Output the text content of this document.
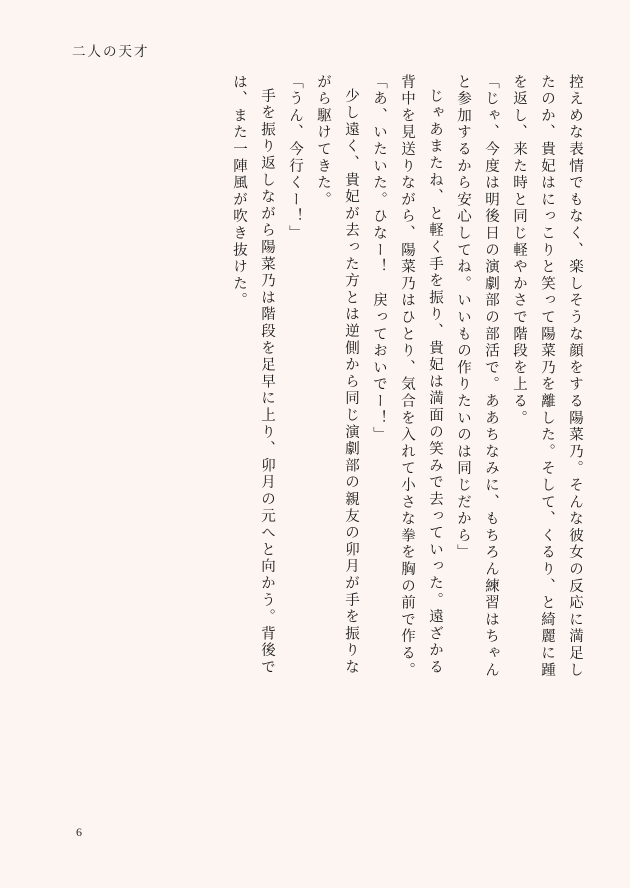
二人の天才
控えめな表情でもなく、楽しそうな顔をする陽菜乃。そんな彼女の反応に満足し
たのか、貴妃はにっこりと笑って陽菜乃を離した。そして、くるり、と綺麗に踵
を返し、来た時と同じ軽やかさで階段を上る。
「じゃ、今度は明後日の演劇部の部活で。ああちなみに、もちろん練習はちゃん
と参加するから安心してね。いいもの作りたいのは同じだから」
じゃあまたね、と軽く手を振り、貴妃は満面の笑みで去っていった。遠ざかる
背中を見送りながら、陽菜乃はひとり、気合を入れて小さな拳を胸の前で作る。
「あ、いたいた。ひなー！　戻っておいでー！」
少し遠く、貴妃が去った方とは逆側から同じ演劇部の親友の卯月が手を振りな
がら駆けてきた。
「うん、今行くー！」
手を振り返しながら陽菜乃は階段を足早に上り、卯月の元へと向かう。背後で
は、また一陣風が吹き抜けた。
6
